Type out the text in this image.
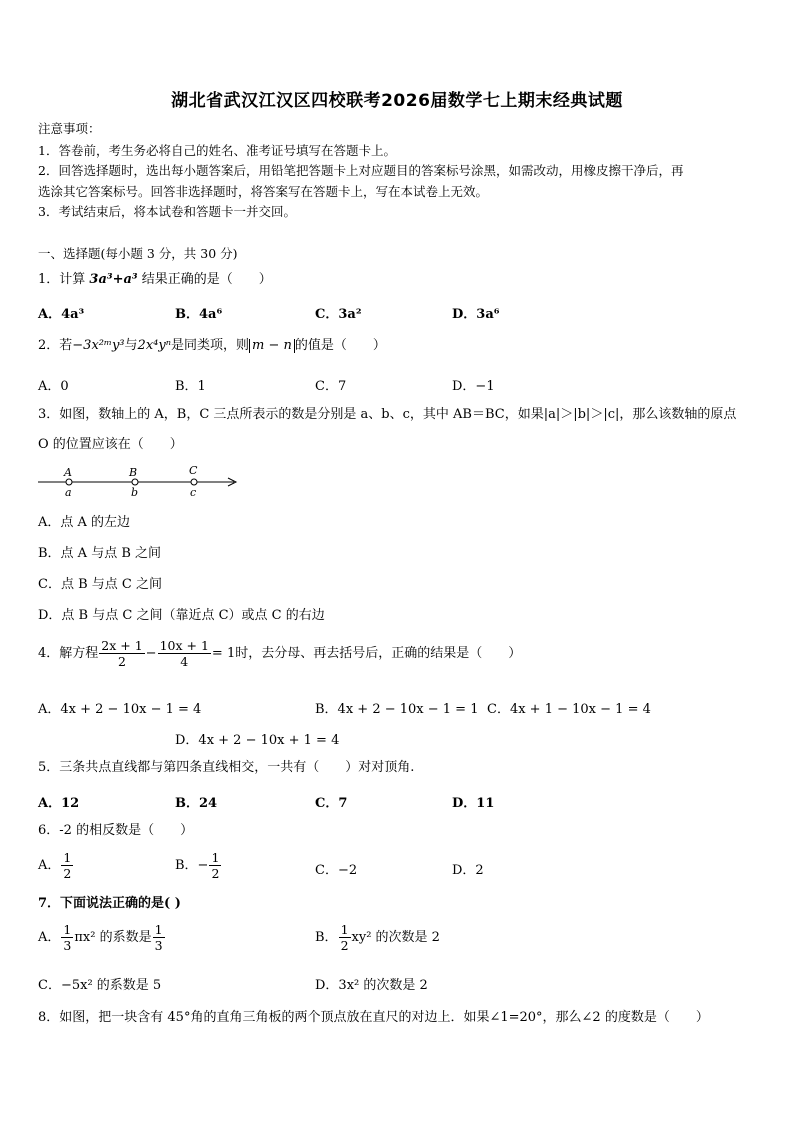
湖北省武汉江汉区四校联考2026届数学七上期末经典试题
注意事项：
1．答卷前，考生务必将自己的姓名、准考证号填写在答题卡上。
2．回答选择题时，选出每小题答案后，用铅笔把答题卡上对应题目的答案标号涂黑，如需改动，用橡皮擦干净后，再
选涂其它答案标号。回答非选择题时，将答案写在答题卡上，写在本试卷上无效。
3．考试结束后，将本试卷和答题卡一并交回。
一、选择题(每小题 3 分，共 30 分)
1．计算 3a³+a³ 结果正确的是（　　）
A．4a³	B．4a⁶	C．3a²	D．3a⁶
2．若−3x²ᵐy³与2x⁴yⁿ是同类项，则 m − n 的值是（　　）
A．0	B．1	C．7	D．−1
3．如图，数轴上的 A，B，C 三点所表示的数是分别是 a、b、c，其中 AB＝BC，如果|a|＞|b|＞|c|，那么该数轴的原点
O 的位置应该在（　　）
A	B	C
a	b	c
A．点 A 的左边
B．点 A 与点 B 之间
C．点 B 与点 C 之间
D．点 B 与点 C 之间（靠近点 C）或点 C 的右边
4．解方程 $\frac{2x + 1}{2} - \frac{10x + 1}{4} = 1$时，去分母、再去括号后，正确的结果是（　　）
A．4x + 2 − 10x − 1 = 4	B．4x + 2 − 10x − 1 = 1 C．4x + 1 − 10x − 1 = 4
D．4x + 2 − 10x + 1 = 4
5．三条共点直线都与第四条直线相交，一共有（　　）对对顶角.
A．12	B．24	C．7	D．11
6．-2 的相反数是（　　）
A． $\frac{1}{2}$	B．− $\frac{1}{2}$	C．−2	D．2
7．下面说法正确的是( )
A． $\frac{1}{3} \pi x^2$ 的系数是 $\frac{1}{3}$	B． $\frac{1}{2} xy^2$ 的次数是 2
C．−5x² 的系数是 5	D．3x² 的次数是 2
8．如图，把一块含有 45°角的直角三角板的两个顶点放在直尺的对边上．如果∠1=20°，那么∠2 的度数是（　　）
